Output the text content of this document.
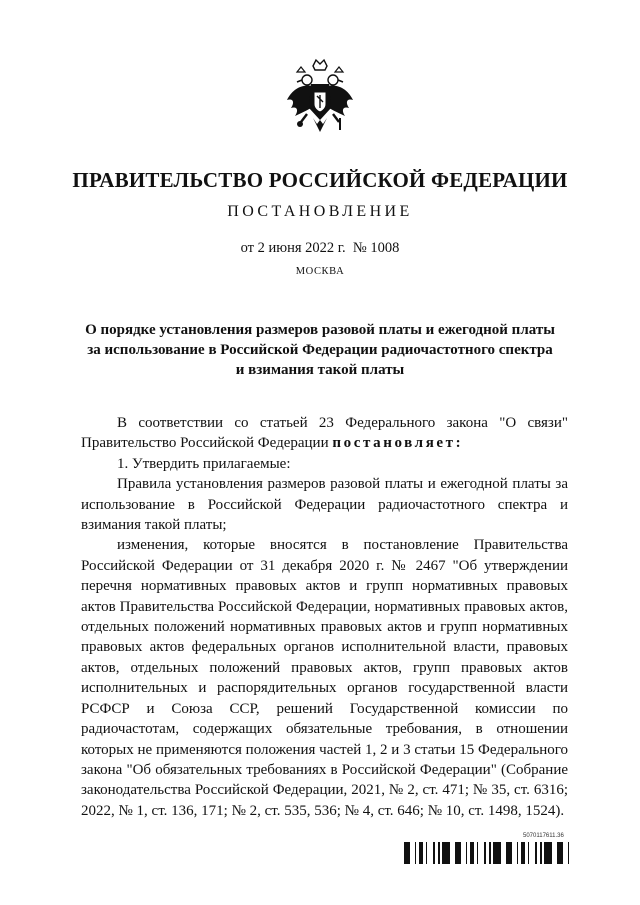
ПРАВИТЕЛЬСТВО РОССИЙСКОЙ ФЕДЕРАЦИИ
ПОСТАНОВЛЕНИЕ
от 2 июня 2022 г.  № 1008
МОСКВА
О порядке установления размеров разовой платы и ежегодной платы
за использование в Российской Федерации радиочастотного спектра
и взимания такой платы

В соответствии со статьей 23 Федерального закона "О связи" Правительство Российской Федерации постановляет:

1. Утвердить прилагаемые:

Правила установления размеров разовой платы и ежегодной платы за использование в Российской Федерации радиочастотного спектра и взимания такой платы;

изменения, которые вносятся в постановление Правительства Российской Федерации от 31 декабря 2020 г. № 2467 "Об утверждении перечня нормативных правовых актов и групп нормативных правовых актов Правительства Российской Федерации, нормативных правовых актов, отдельных положений нормативных правовых актов и групп нормативных правовых актов федеральных органов исполнительной власти, правовых актов, отдельных положений правовых актов, групп правовых актов исполнительных и распорядительных органов государственной власти РСФСР и Союза ССР, решений Государственной комиссии по радиочастотам, содержащих обязательные требования, в отношении которых не применяются положения частей 1, 2 и 3 статьи 15 Федерального закона "Об обязательных требованиях в Российской Федерации" (Собрание законодательства Российской Федерации, 2021, № 2, ст. 471; № 35, ст. 6316; 2022, № 1, ст. 136, 171; № 2, ст. 535, 536; № 4, ст. 646; № 10, ст. 1498, 1524).

5070117611.36
